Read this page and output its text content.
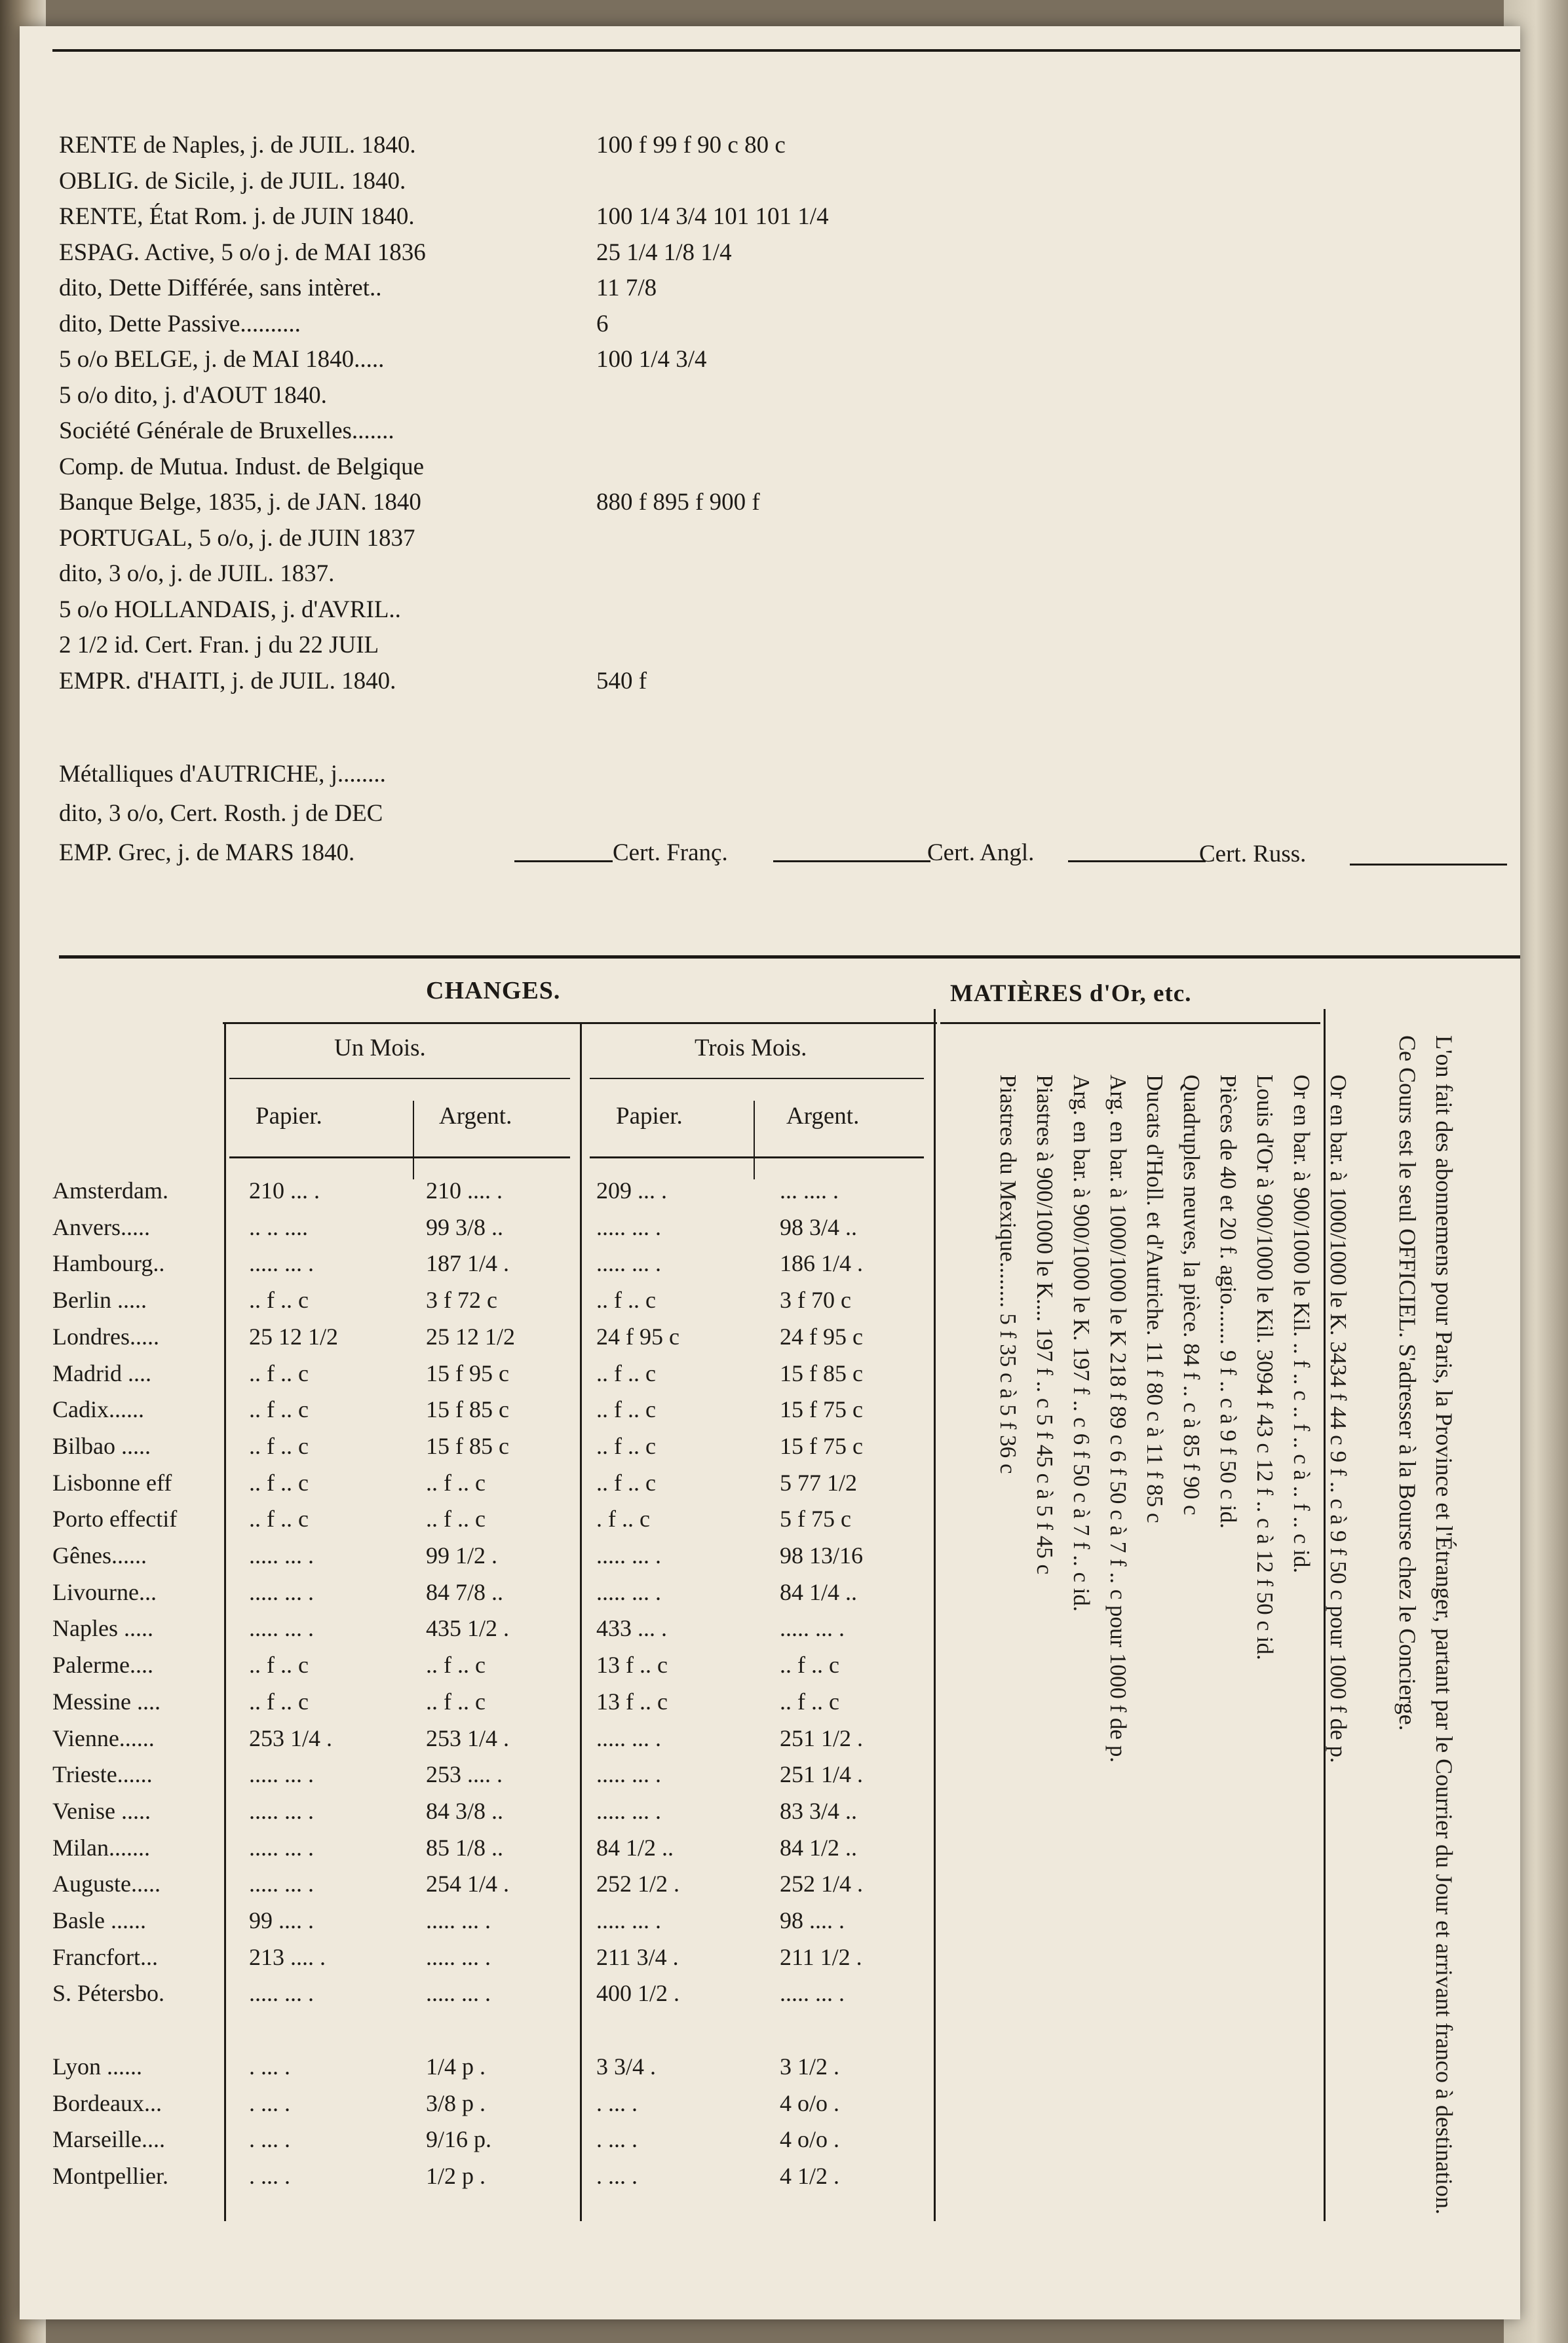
RENTE de Naples, j. de JUIL. 1840.	100 f 99 f 90 c 80 c
OBLIG. de Sicile, j. de JUIL. 1840.
RENTE, État Rom. j. de JUIN 1840.	100 1/4 3/4 101 101 1/4
ESPAG. Active, 5 o/o j. de MAI 1836	25 1/4 1/8 1/4
dito, Dette Différée, sans intèret..	11 7/8
dito, Dette Passive..........	6
5 o/o BELGE, j. de MAI 1840.....	100 1/4 3/4
5 o/o dito, j. d'AOUT 1840.
Société Générale de Bruxelles.......
Comp. de Mutua. Indust. de Belgique
Banque Belge, 1835, j. de JAN. 1840	880 f 895 f 900 f
PORTUGAL, 5 o/o, j. de JUIN 1837
dito, 3 o/o, j. de JUIL. 1837.
5 o/o HOLLANDAIS, j. d'AVRIL..
2 1/2 id. Cert. Fran. j du 22 JUIL
EMPR. d'HAITI, j. de JUIL. 1840.	540 f
Métalliques d'AUTRICHE, j........
dito, 3 o/o, Cert. Rosth. j de DEC
EMP. Grec, j. de MARS 1840.	Cert. Franç.	Cert. Angl.	Cert. Russ.
CHANGES.
Un Mois.	Trois Mois.
Papier.	Argent.	Papier.	Argent.
Amsterdam.	210 ... .	210 .... .	209 ... .	... .... .
Anvers.....	.. .. ....	99 3/8 ..	..... ... .	98 3/4 ..
Hambourg..	..... ... .	187 1/4 .	..... ... .	186 1/4 .
Berlin .....	.. f .. c	3 f 72 c	.. f .. c	3 f 70 c
Londres.....	25 12 1/2	25 12 1/2	24 f 95 c	24 f 95 c
Madrid ....	.. f .. c	15 f 95 c	.. f .. c	15 f 85 c
Cadix......	.. f .. c	15 f 85 c	.. f .. c	15 f 75 c
Bilbao .....	.. f .. c	15 f 85 c	.. f .. c	15 f 75 c
Lisbonne eff	.. f .. c	.. f .. c	.. f .. c	5 77 1/2
Porto effectif	.. f .. c	.. f .. c	. f .. c	5 f 75 c
Gênes......	..... ... .	99 1/2 .	..... ... .	98 13/16
Livourne...	..... ... .	84 7/8 ..	..... ... .	84 1/4 ..
Naples .....	..... ... .	435 1/2 .	433 ... .	..... ... .
Palerme....	.. f .. c	.. f .. c	13 f .. c	.. f .. c
Messine ....	.. f .. c	.. f .. c	13 f .. c	.. f .. c
Vienne......	253 1/4 .	253 1/4 .	..... ... .	251 1/2 .
Trieste......	..... ... .	253 .... .	..... ... .	251 1/4 .
Venise .....	..... ... .	84 3/8 ..	..... ... .	83 3/4 ..
Milan.......	..... ... .	85 1/8 ..	84 1/2 ..	84 1/2 ..
Auguste.....	..... ... .	254 1/4 .	252 1/2 .	252 1/4 .
Basle ......	99 .... .	..... ... .	..... ... .	98 .... .
Francfort...	213 .... .	..... ... .	211 3/4 .	211 1/2 .
S. Pétersbo.	..... ... .	..... ... .	400 1/2 .	..... ... .
Lyon ......	. ... .	1/4 p .	3 3/4 .	3 1/2 .
Bordeaux...	. ... .	3/8 p .	. ... .	4 o/o .
Marseille....	. ... .	9/16 p.	. ... .	4 o/o .
Montpellier.	. ... .	1/2 p .	. ... .	4 1/2 .
MATIÈRES d'Or, etc.
Or en bar. à 1000/1000 le K. 3434 f 44 c 9 f .. c à 9 f 50 c pour 1000 f de p.
Or en bar. à 900/1000 le Kil. .. f .. c .. f .. c à .. f .. c id.
Louis d'Or à 900/1000 le Kil. 3094 f 43 c 12 f .. c à 12 f 50 c id.
Pièces de 40 et 20 f. agio....... 9 f .. c à 9 f 50 c id.
Quadruples neuves, la pièce. 84 f .. c à 85 f 90 c
Ducats d'Holl. et d'Autriche. 11 f 80 c à 11 f 85 c
Arg. en bar. à 1000/1000 le K 218 f 89 c 6 f 50 c à 7 f .. c pour 1000 f de p.
Arg. en bar. à 900/1000 le K. 197 f .. c 6 f 50 c à 7 f .. c id.
Piastres à 900/1000 le K.... 197 f .. c 5 f 45 c à 5 f 45 c
Piastres du Mexique........ 5 f 35 c à 5 f 36 c	L'on fait des abonnemens pour Paris, la Province et l'Étranger, partant par le Courrier du Jour et arrivant franco à destination. Ce Cours est le seul OFFICIEL. S'adresser à la Bourse chez le Concierge.
